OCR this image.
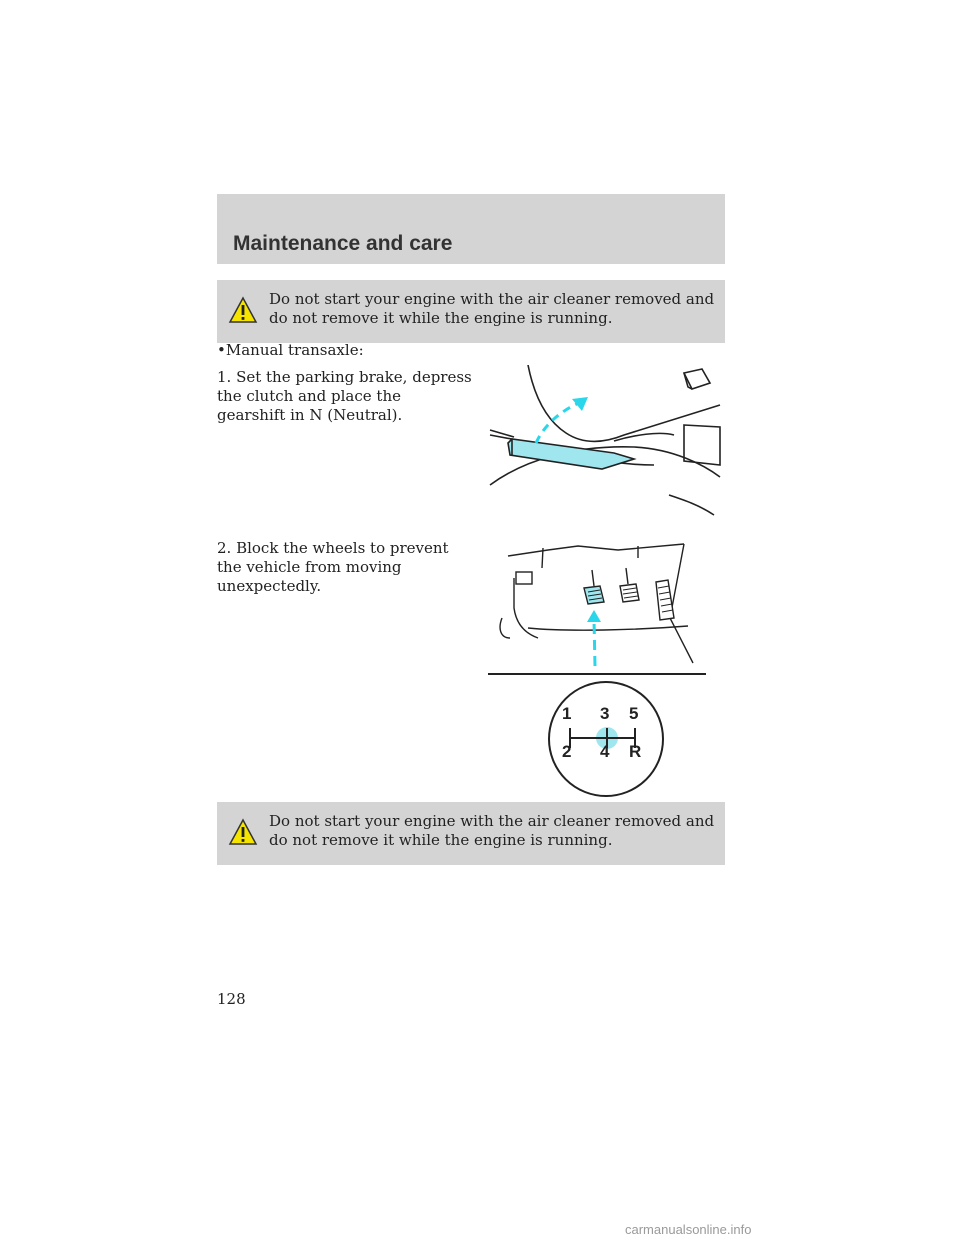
Maintenance and care
Do not start your engine with the air cleaner removed and do not remove it while the engine is running.
•Manual transaxle:
1. Set the parking brake, depress the clutch and place the gearshift in N (Neutral).
2. Block the wheels to prevent the vehicle from moving unexpectedly.
1 3 5
2 4 R
Do not start your engine with the air cleaner removed and do not remove it while the engine is running.
128
carmanualsonline.info
